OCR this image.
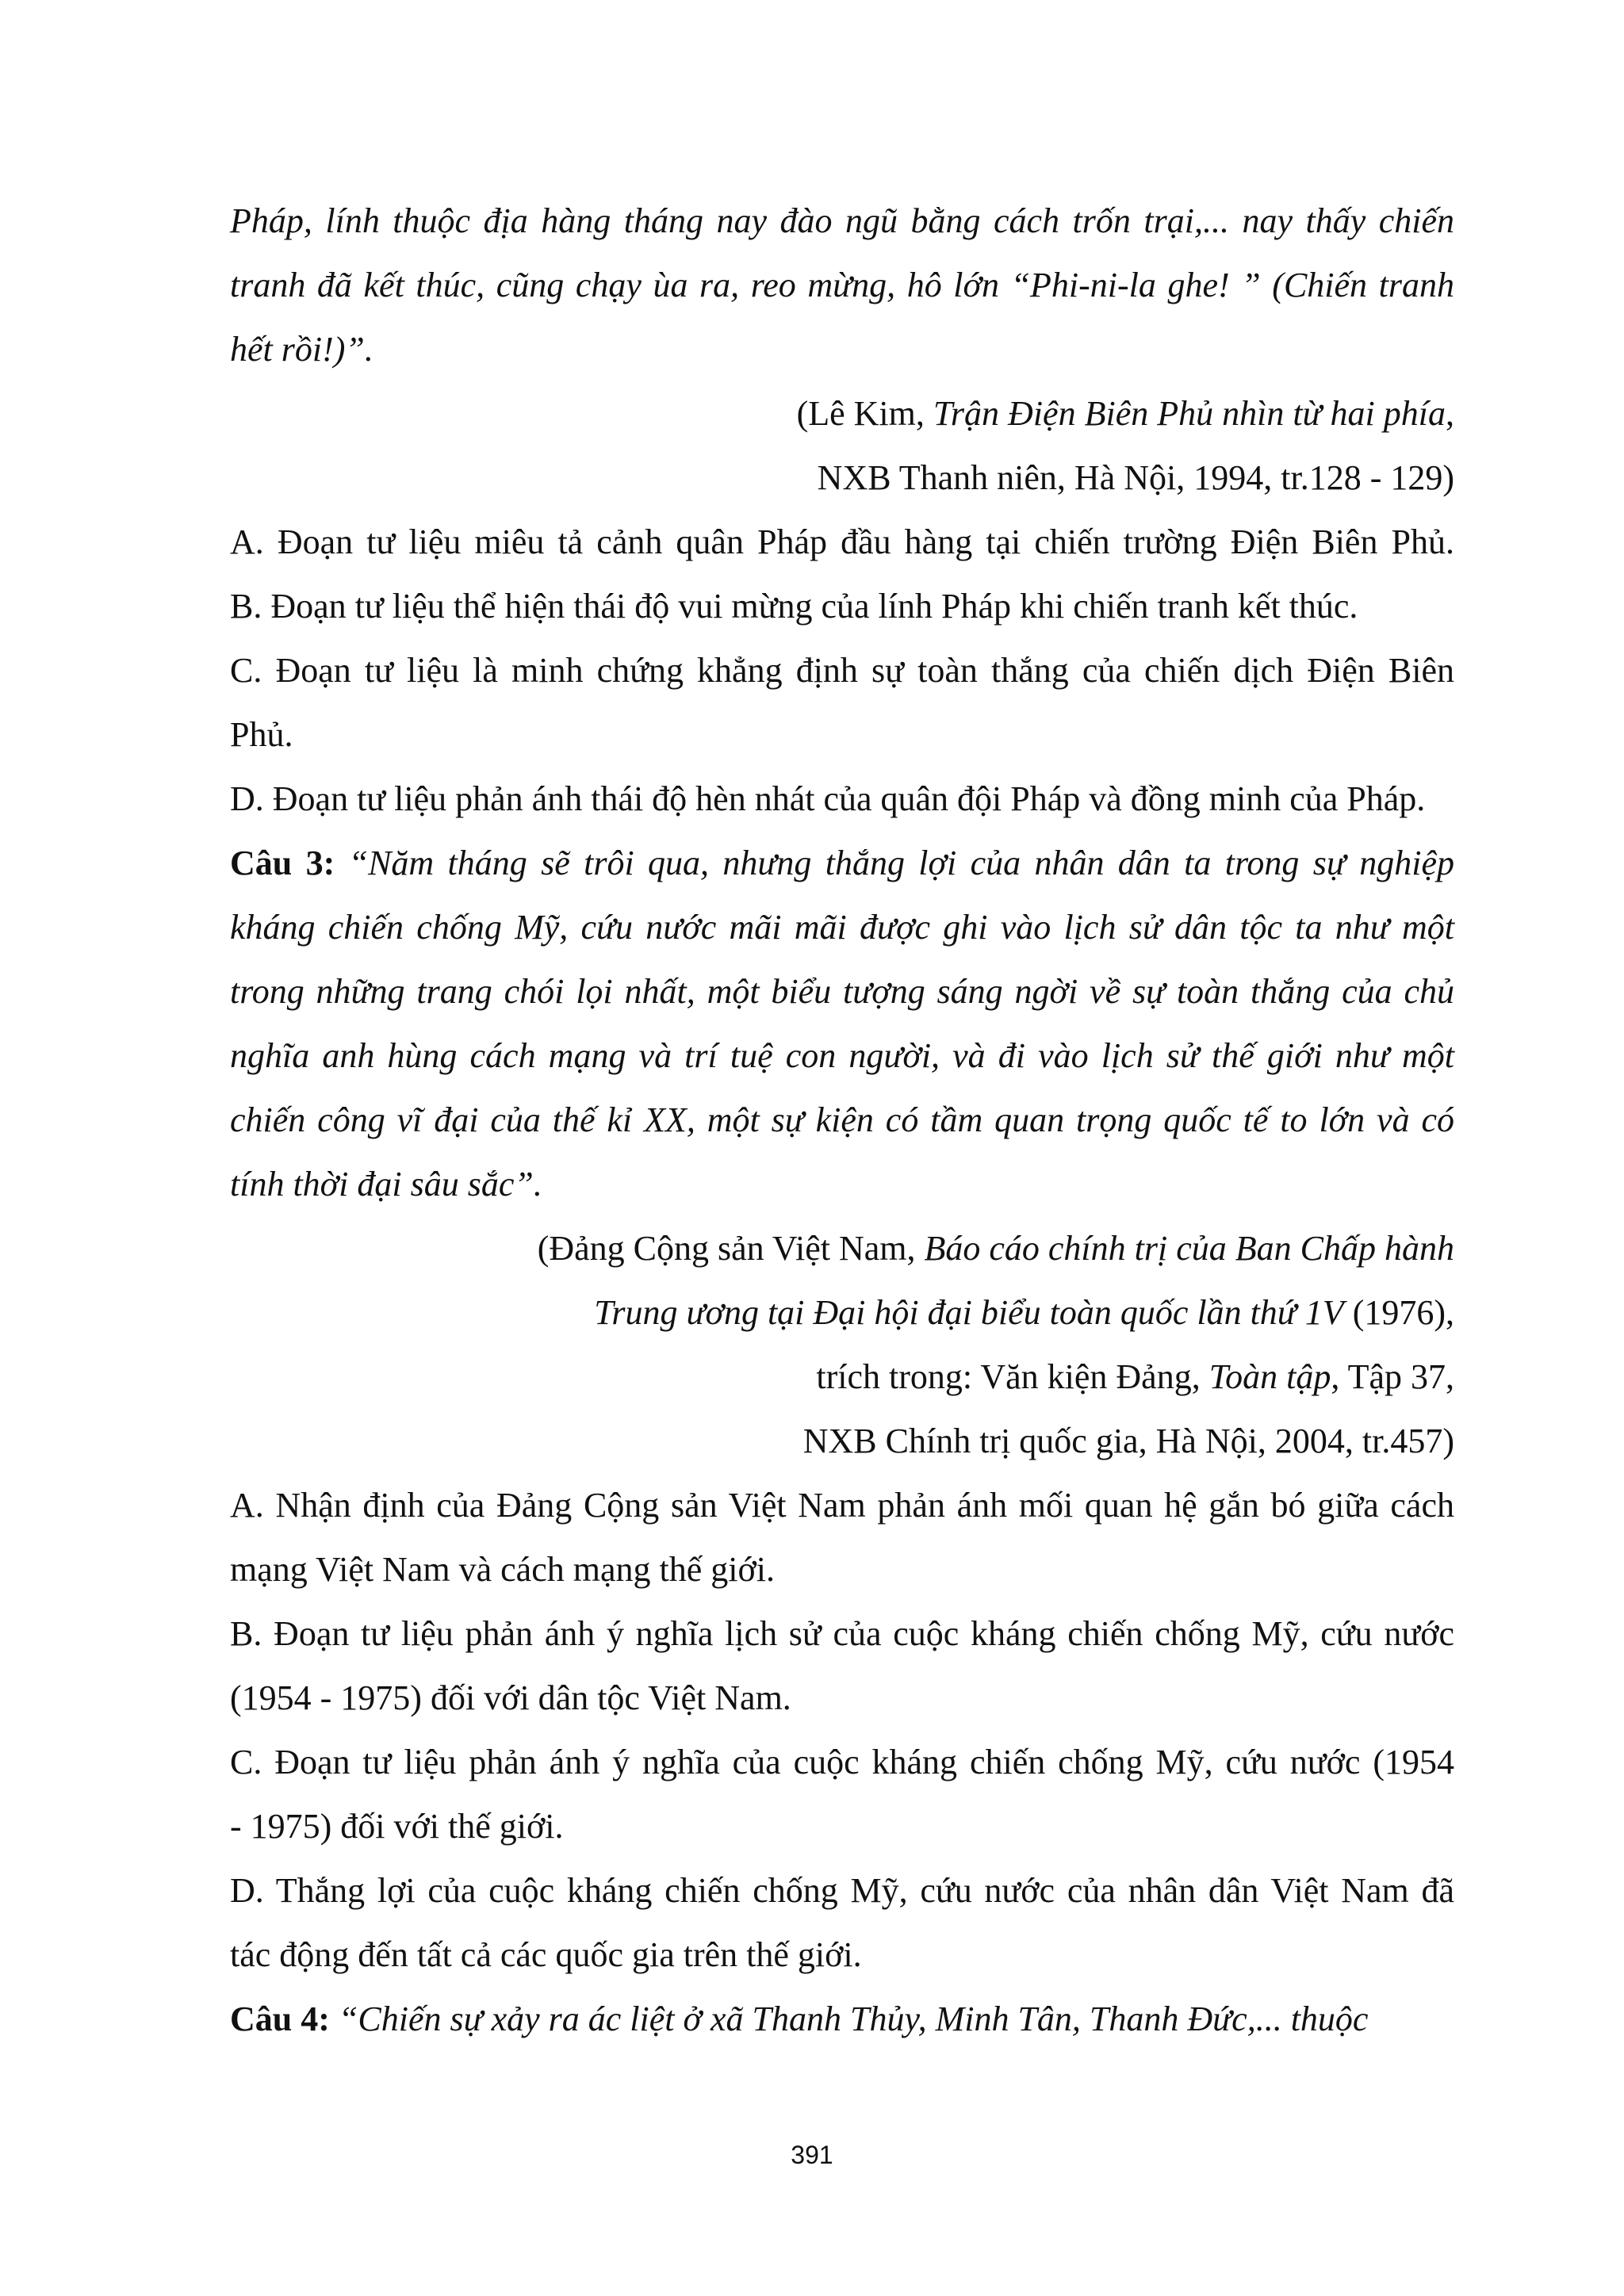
Pháp, lính thuộc địa hàng tháng nay đào ngũ bằng cách trốn trại,... nay thấy chiến
tranh đã kết thúc, cũng chạy ùa ra, reo mừng, hô lớn “Phi-ni-la ghe! ” (Chiến tranh
hết rồi!)”.
(Lê Kim, Trận Điện Biên Phủ nhìn từ hai phía,
NXB Thanh niên, Hà Nội, 1994, tr.128 - 129)
A. Đoạn tư liệu miêu tả cảnh quân Pháp đầu hàng tại chiến trường Điện Biên Phủ.
B. Đoạn tư liệu thể hiện thái độ vui mừng của lính Pháp khi chiến tranh kết thúc.
C. Đoạn tư liệu là minh chứng khẳng định sự toàn thắng của chiến dịch Điện Biên
Phủ.
D. Đoạn tư liệu phản ánh thái độ hèn nhát của quân đội Pháp và đồng minh của Pháp.
Câu 3: “Năm tháng sẽ trôi qua, nhưng thắng lợi của nhân dân ta trong sự nghiệp
kháng chiến chống Mỹ, cứu nước mãi mãi được ghi vào lịch sử dân tộc ta như một
trong những trang chói lọi nhất, một biểu tượng sáng ngời về sự toàn thắng của chủ
nghĩa anh hùng cách mạng và trí tuệ con người, và đi vào lịch sử thế giới như một
chiến công vĩ đại của thế kỉ XX, một sự kiện có tầm quan trọng quốc tế to lớn và có
tính thời đại sâu sắc”.
(Đảng Cộng sản Việt Nam, Báo cáo chính trị của Ban Chấp hành
Trung ương tại Đại hội đại biểu toàn quốc lần thứ 1V (1976),
trích trong: Văn kiện Đảng, Toàn tập, Tập 37,
NXB Chính trị quốc gia, Hà Nội, 2004, tr.457)
A. Nhận định của Đảng Cộng sản Việt Nam phản ánh mối quan hệ gắn bó giữa cách
mạng Việt Nam và cách mạng thế giới.
B. Đoạn tư liệu phản ánh ý nghĩa lịch sử của cuộc kháng chiến chống Mỹ, cứu nước
(1954 - 1975) đối với dân tộc Việt Nam.
C. Đoạn tư liệu phản ánh ý nghĩa của cuộc kháng chiến chống Mỹ, cứu nước (1954
- 1975) đối với thế giới.
D. Thắng lợi của cuộc kháng chiến chống Mỹ, cứu nước của nhân dân Việt Nam đã
tác động đến tất cả các quốc gia trên thế giới.
Câu 4: “Chiến sự xảy ra ác liệt ở xã Thanh Thủy, Minh Tân, Thanh Đức,... thuộc
391
